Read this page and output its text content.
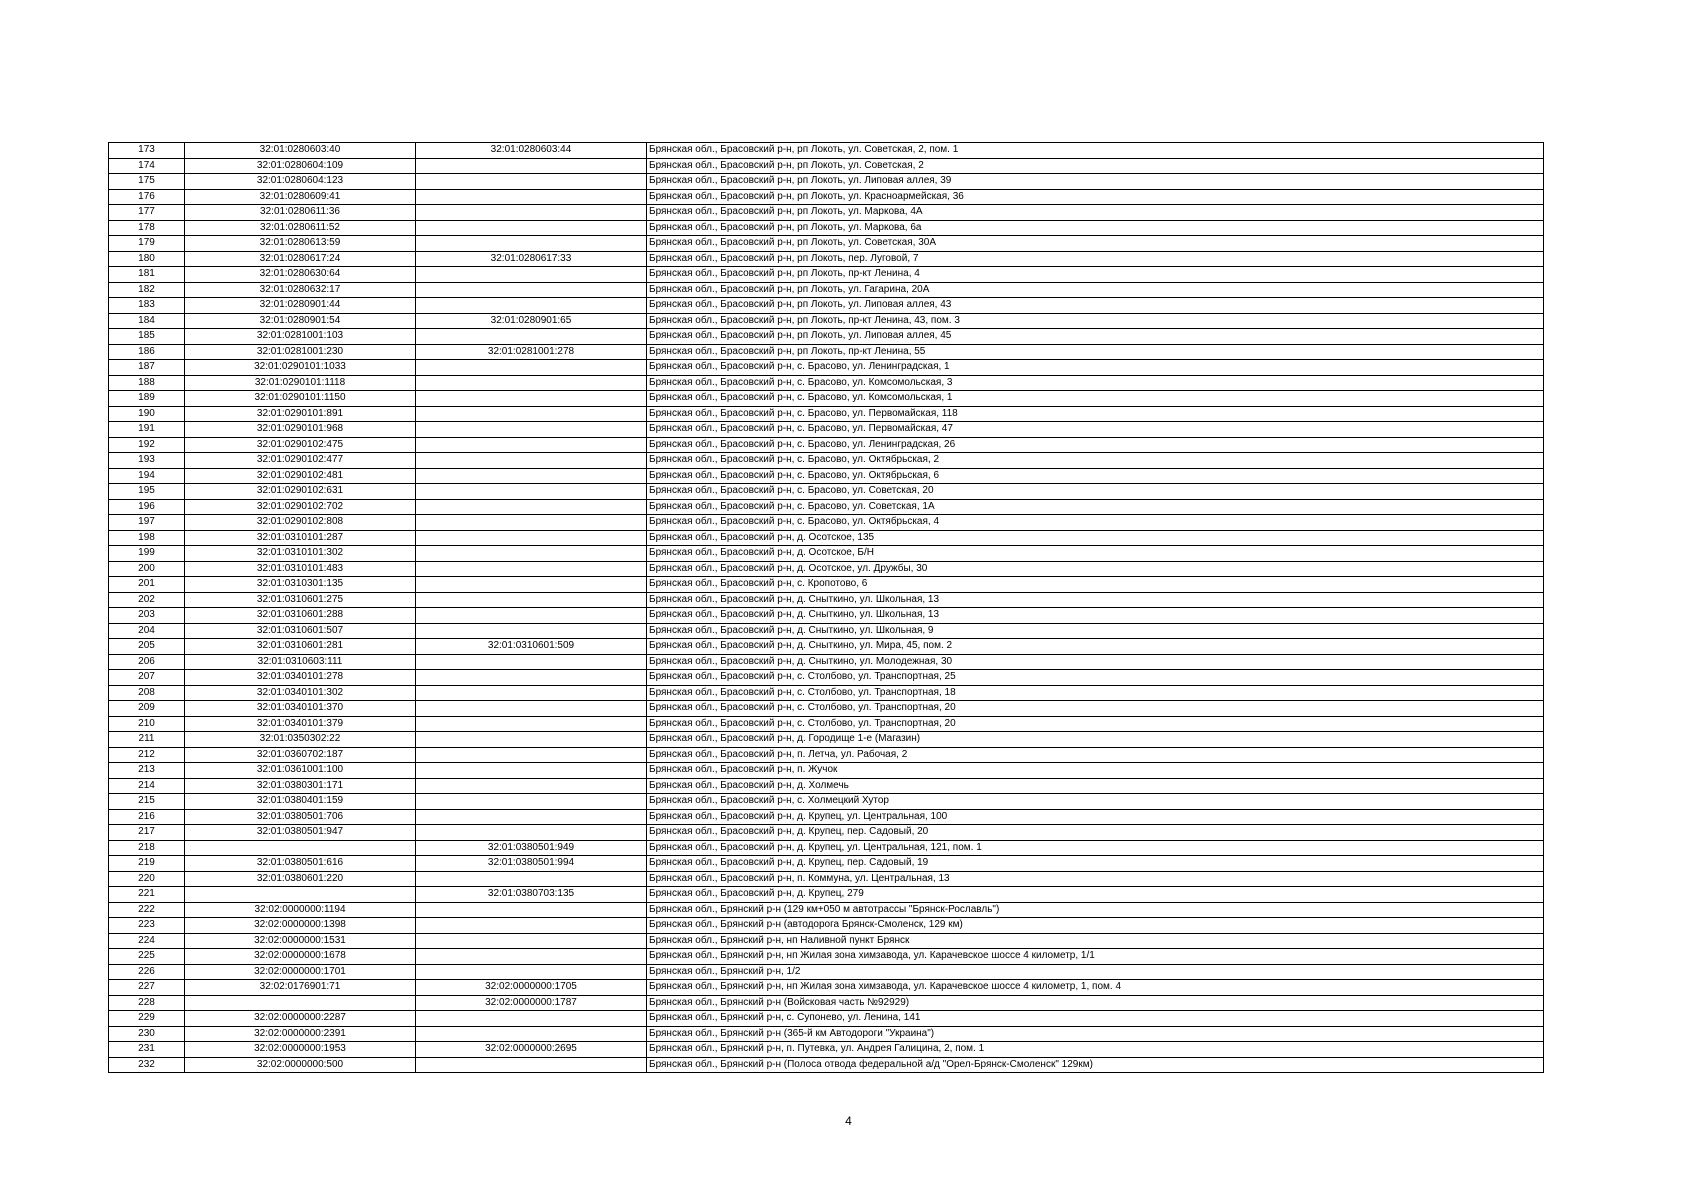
173	32:01:0280603:40	32:01:0280603:44	Брянская обл., Брасовский р-н, рп Локоть, ул. Советская, 2, пом. 1
174	32:01:0280604:109		Брянская обл., Брасовский р-н, рп Локоть, ул. Советская, 2
175	32:01:0280604:123		Брянская обл., Брасовский р-н, рп Локоть, ул. Липовая аллея, 39
176	32:01:0280609:41		Брянская обл., Брасовский р-н, рп Локоть, ул. Красноармейская, 36
177	32:01:0280611:36		Брянская обл., Брасовский р-н, рп Локоть, ул. Маркова, 4А
178	32:01:0280611:52		Брянская обл., Брасовский р-н, рп Локоть, ул. Маркова, 6а
179	32:01:0280613:59		Брянская обл., Брасовский р-н, рп Локоть, ул. Советская, 30А
180	32:01:0280617:24	32:01:0280617:33	Брянская обл., Брасовский р-н, рп Локоть, пер. Луговой, 7
181	32:01:0280630:64		Брянская обл., Брасовский р-н, рп Локоть, пр-кт Ленина, 4
182	32:01:0280632:17		Брянская обл., Брасовский р-н, рп Локоть, ул. Гагарина, 20А
183	32:01:0280901:44		Брянская обл., Брасовский р-н, рп Локоть, ул. Липовая аллея, 43
184	32:01:0280901:54	32:01:0280901:65	Брянская обл., Брасовский р-н, рп Локоть, пр-кт Ленина, 43, пом. 3
185	32:01:0281001:103		Брянская обл., Брасовский р-н, рп Локоть, ул. Липовая аллея, 45
186	32:01:0281001:230	32:01:0281001:278	Брянская обл., Брасовский р-н, рп Локоть, пр-кт Ленина, 55
187	32:01:0290101:1033		Брянская обл., Брасовский р-н, с. Брасово, ул. Ленинградская, 1
188	32:01:0290101:1118		Брянская обл., Брасовский р-н, с. Брасово, ул. Комсомольская, 3
189	32:01:0290101:1150		Брянская обл., Брасовский р-н, с. Брасово, ул. Комсомольская, 1
190	32:01:0290101:891		Брянская обл., Брасовский р-н, с. Брасово, ул. Первомайская, 118
191	32:01:0290101:968		Брянская обл., Брасовский р-н, с. Брасово, ул. Первомайская, 47
192	32:01:0290102:475		Брянская обл., Брасовский р-н, с. Брасово, ул. Ленинградская, 26
193	32:01:0290102:477		Брянская обл., Брасовский р-н, с. Брасово, ул. Октябрьская, 2
194	32:01:0290102:481		Брянская обл., Брасовский р-н, с. Брасово, ул. Октябрьская, 6
195	32:01:0290102:631		Брянская обл., Брасовский р-н, с. Брасово, ул. Советская, 20
196	32:01:0290102:702		Брянская обл., Брасовский р-н, с. Брасово, ул. Советская, 1А
197	32:01:0290102:808		Брянская обл., Брасовский р-н, с. Брасово, ул. Октябрьская, 4
198	32:01:0310101:287		Брянская обл., Брасовский р-н, д. Осотское, 135
199	32:01:0310101:302		Брянская обл., Брасовский р-н, д. Осотское, Б/Н
200	32:01:0310101:483		Брянская обл., Брасовский р-н, д. Осотское, ул. Дружбы, 30
201	32:01:0310301:135		Брянская обл., Брасовский р-н, с. Кропотово, 6
202	32:01:0310601:275		Брянская обл., Брасовский р-н, д. Сныткино, ул. Школьная, 13
203	32:01:0310601:288		Брянская обл., Брасовский р-н, д. Сныткино, ул. Школьная, 13
204	32:01:0310601:507		Брянская обл., Брасовский р-н, д. Сныткино, ул. Школьная, 9
205	32:01:0310601:281	32:01:0310601:509	Брянская обл., Брасовский р-н, д. Сныткино, ул. Мира, 45, пом. 2
206	32:01:0310603:111		Брянская обл., Брасовский р-н, д. Сныткино, ул. Молодежная, 30
207	32:01:0340101:278		Брянская обл., Брасовский р-н, с. Столбово, ул. Транспортная, 25
208	32:01:0340101:302		Брянская обл., Брасовский р-н, с. Столбово, ул. Транспортная, 18
209	32:01:0340101:370		Брянская обл., Брасовский р-н, с. Столбово, ул. Транспортная, 20
210	32:01:0340101:379		Брянская обл., Брасовский р-н, с. Столбово, ул. Транспортная, 20
211	32:01:0350302:22		Брянская обл., Брасовский р-н, д. Городище 1-е (Магазин)
212	32:01:0360702:187		Брянская обл., Брасовский р-н, п. Летча, ул. Рабочая, 2
213	32:01:0361001:100		Брянская обл., Брасовский р-н, п. Жучок
214	32:01:0380301:171		Брянская обл., Брасовский р-н, д. Холмечь
215	32:01:0380401:159		Брянская обл., Брасовский р-н, с. Холмецкий Хутор
216	32:01:0380501:706		Брянская обл., Брасовский р-н, д. Крупец, ул. Центральная, 100
217	32:01:0380501:947		Брянская обл., Брасовский р-н, д. Крупец, пер. Садовый, 20
218		32:01:0380501:949	Брянская обл., Брасовский р-н, д. Крупец, ул. Центральная, 121, пом. 1
219	32:01:0380501:616	32:01:0380501:994	Брянская обл., Брасовский р-н, д. Крупец, пер. Садовый, 19
220	32:01:0380601:220		Брянская обл., Брасовский р-н, п. Коммуна, ул. Центральная, 13
221		32:01:0380703:135	Брянская обл., Брасовский р-н, д. Крупец, 279
222	32:02:0000000:1194		Брянская обл., Брянский р-н (129 км+050 м автотрассы "Брянск-Рославль")
223	32:02:0000000:1398		Брянская обл., Брянский р-н (автодорога Брянск-Смоленск, 129 км)
224	32:02:0000000:1531		Брянская обл., Брянский р-н, нп Наливной пункт Брянск
225	32:02:0000000:1678		Брянская обл., Брянский р-н, нп Жилая зона химзавода, ул. Карачевское шоссе 4 километр, 1/1
226	32:02:0000000:1701		Брянская обл., Брянский р-н, 1/2
227	32:02:0176901:71	32:02:0000000:1705	Брянская обл., Брянский р-н, нп Жилая зона химзавода, ул. Карачевское шоссе 4 километр, 1, пом. 4
228		32:02:0000000:1787	Брянская обл., Брянский р-н (Войсковая часть №92929)
229	32:02:0000000:2287		Брянская обл., Брянский р-н, с. Супонево, ул. Ленина, 141
230	32:02:0000000:2391		Брянская обл., Брянский р-н (365-й км Автодороги "Украина")
231	32:02:0000000:1953	32:02:0000000:2695	Брянская обл., Брянский р-н, п. Путевка, ул. Андрея Галицина, 2, пом. 1
232	32:02:0000000:500		Брянская обл., Брянский р-н (Полоса отвода федеральной а/д "Орел-Брянск-Смоленск" 129км)
4
